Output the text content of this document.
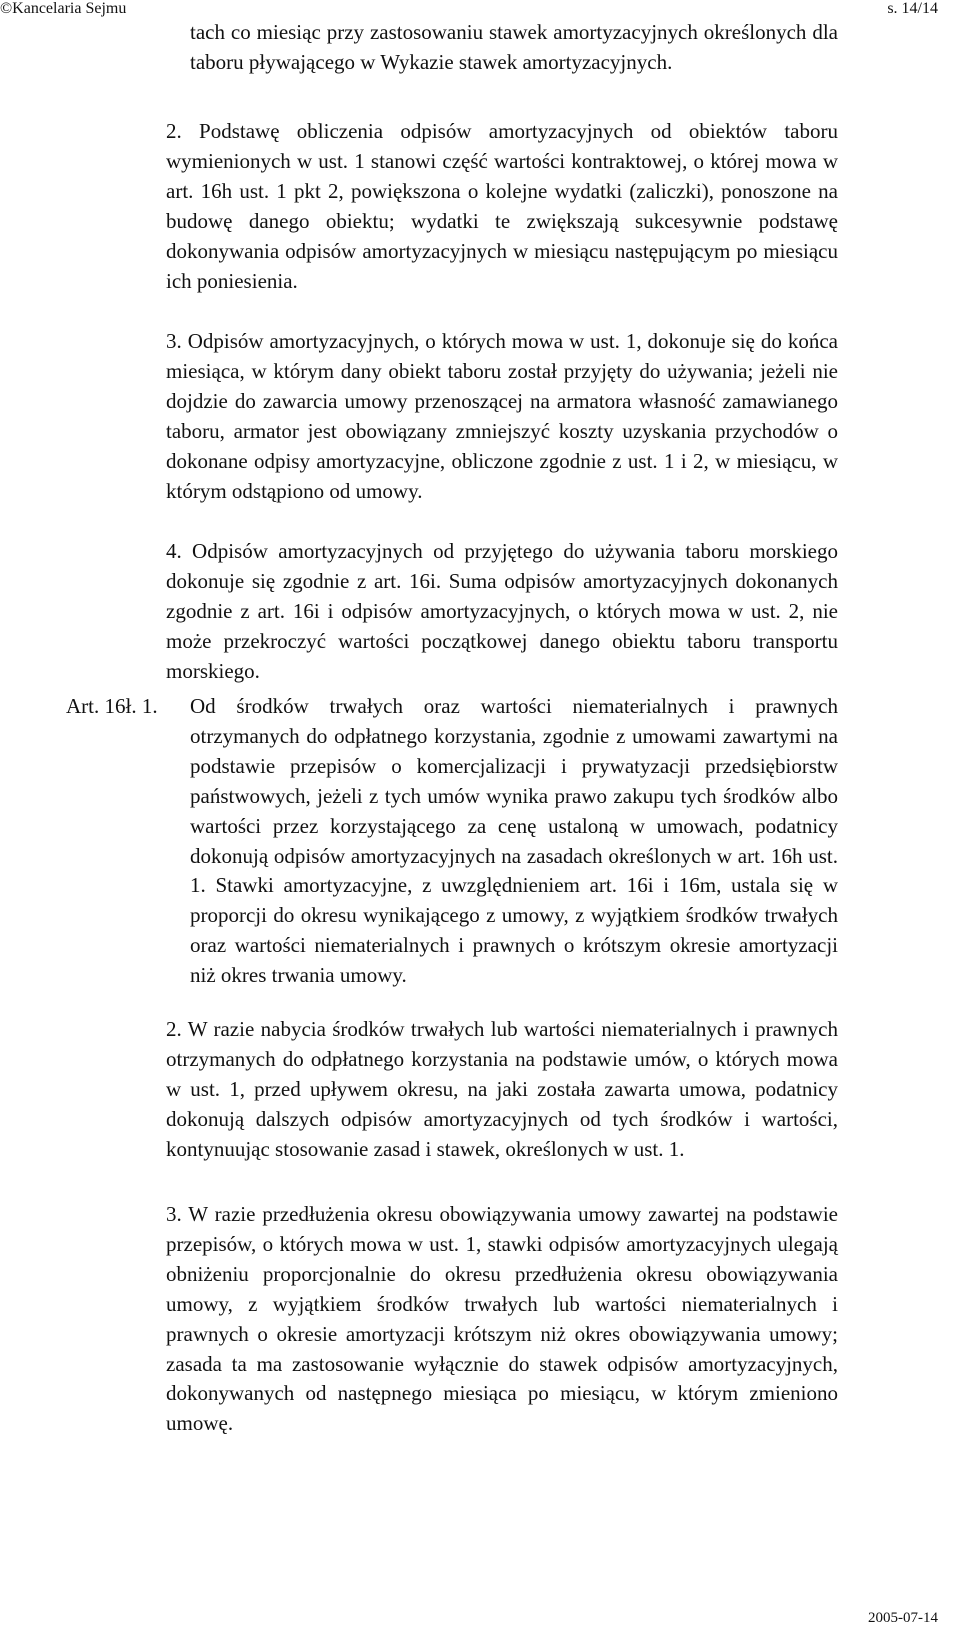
©Kancelaria Sejmu	s. 14/14

tach co miesiąc przy zastosowaniu stawek amortyzacyjnych określonych dla taboru pływającego w Wykazie stawek amortyzacyjnych.

2. Podstawę obliczenia odpisów amortyzacyjnych od obiektów taboru wymienionych w ust. 1 stanowi część wartości kontraktowej, o której mowa w art. 16h ust. 1 pkt 2, powiększona o kolejne wydatki (zaliczki), ponoszone na budowę danego obiektu; wydatki te zwiększają sukcesywnie podstawę dokonywania odpisów amortyzacyjnych w miesiącu następującym po miesiącu ich poniesienia.

3. Odpisów amortyzacyjnych, o których mowa w ust. 1, dokonuje się do końca miesiąca, w którym dany obiekt taboru został przyjęty do używania; jeżeli nie dojdzie do zawarcia umowy przenoszącej na armatora własność zamawianego taboru, armator jest obowiązany zmniejszyć koszty uzyskania przychodów o dokonane odpisy amortyzacyjne, obliczone zgodnie z ust. 1 i 2, w miesiącu, w którym odstąpiono od umowy.

4. Odpisów amortyzacyjnych od przyjętego do używania taboru morskiego dokonuje się zgodnie z art. 16i. Suma odpisów amortyzacyjnych dokonanych zgodnie z art. 16i i odpisów amortyzacyjnych, o których mowa w ust. 2, nie może przekroczyć wartości początkowej danego obiektu taboru transportu morskiego.

Art. 16ł. 1. Od środków trwałych oraz wartości niematerialnych i prawnych otrzymanych do odpłatnego korzystania, zgodnie z umowami zawartymi na podstawie przepisów o komercjalizacji i prywatyzacji przedsiębiorstw państwowych, jeżeli z tych umów wynika prawo zakupu tych środków albo wartości przez korzystającego za cenę ustaloną w umowach, podatnicy dokonują odpisów amortyzacyjnych na zasadach określonych w art. 16h ust. 1. Stawki amortyzacyjne, z uwzględnieniem art. 16i i 16m, ustala się w proporcji do okresu wynikającego z umowy, z wyjątkiem środków trwałych oraz wartości niematerialnych i prawnych o krótszym okresie amortyzacji niż okres trwania umowy.

2. W razie nabycia środków trwałych lub wartości niematerialnych i prawnych otrzymanych do odpłatnego korzystania na podstawie umów, o których mowa w ust. 1, przed upływem okresu, na jaki została zawarta umowa, podatnicy dokonują dalszych odpisów amortyzacyjnych od tych środków i wartości, kontynuując stosowanie zasad i stawek, określonych w ust. 1.

3. W razie przedłużenia okresu obowiązywania umowy zawartej na podstawie przepisów, o których mowa w ust. 1, stawki odpisów amortyzacyjnych ulegają obniżeniu proporcjonalnie do okresu przedłużenia okresu obowiązywania umowy, z wyjątkiem środków trwałych lub wartości niematerialnych i prawnych o okresie amortyzacji krótszym niż okres obowiązywania umowy; zasada ta ma zastosowanie wyłącznie do stawek odpisów amortyzacyjnych, dokonywanych od następnego miesiąca po miesiącu, w którym zmieniono umowę.

2005-07-14
